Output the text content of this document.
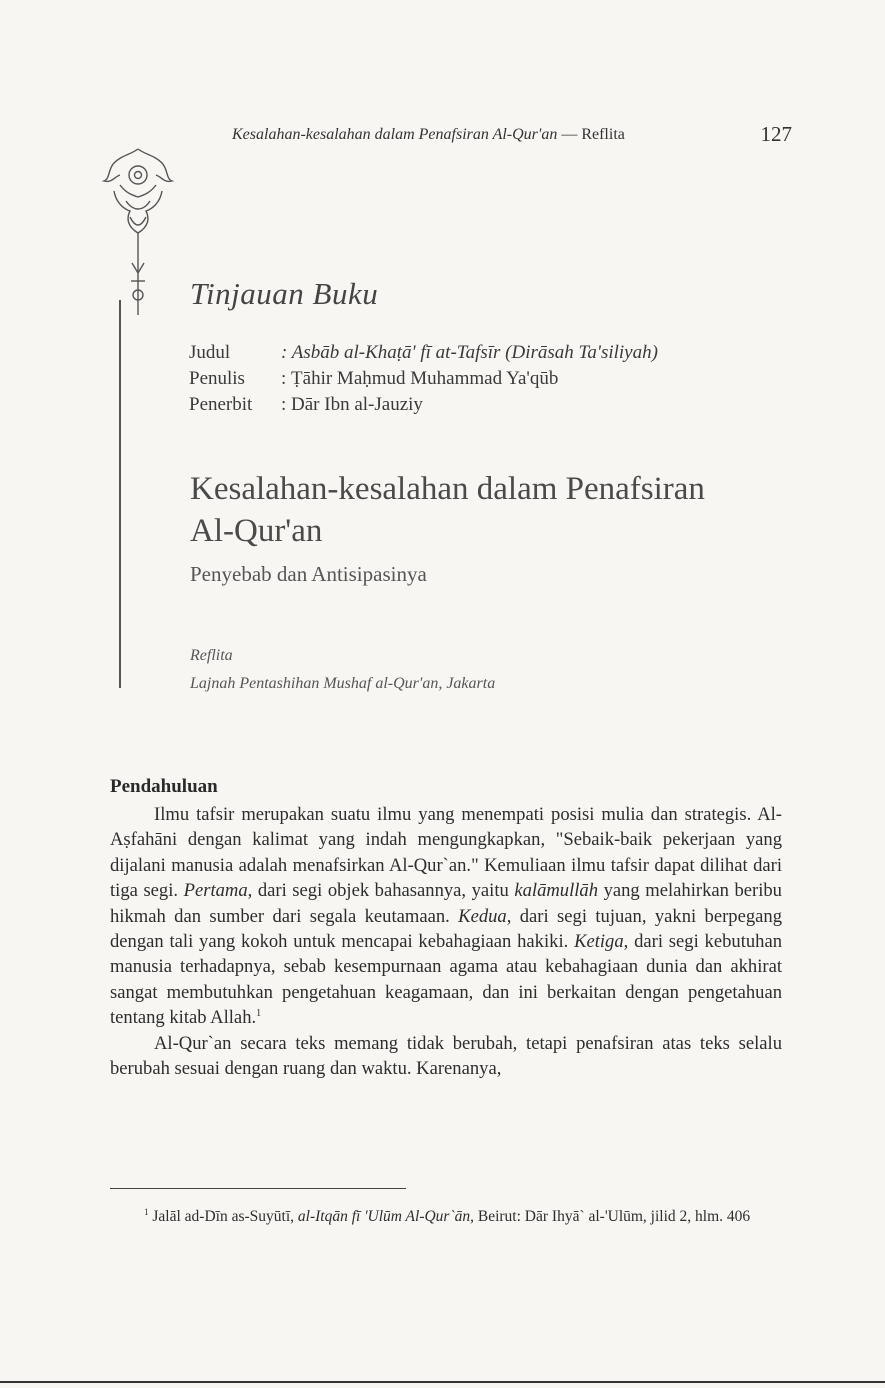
Kesalahan-kesalahan dalam Penafsiran Al-Qur'an — Reflita	127
Tinjauan Buku
Judul	: Asbāb al-Khaṭā' fī at-Tafsīr (Dirāsah Ta'siliyah)
Penulis : Ṭāhir Maḥmud Muhammad Ya'qūb
Penerbit : Dār Ibn al-Jauziy
Kesalahan-kesalahan dalam Penafsiran
Al-Qur'an
Penyebab dan Antisipasinya
Reflita
Lajnah Pentashihan Mushaf al-Qur'an, Jakarta
Pendahuluan

Ilmu tafsir merupakan suatu ilmu yang menempati posisi mulia dan strategis. Al-Aṣfahāni dengan kalimat yang indah mengungkapkan, "Sebaik-baik pekerjaan yang dijalani manusia adalah menafsirkan Al-Qur`an." Kemuliaan ilmu tafsir dapat dilihat dari tiga segi. Pertama, dari segi objek bahasannya, yaitu kalāmullāh yang melahirkan beribu hikmah dan sumber dari segala keutamaan. Kedua, dari segi tujuan, yakni berpegang dengan tali yang kokoh untuk mencapai kebahagiaan hakiki. Ketiga, dari segi kebutuhan manusia terhadapnya, sebab kesempurnaan agama atau kebahagiaan dunia dan akhirat sangat membutuhkan pengetahuan keagamaan, dan ini berkaitan dengan pengetahuan tentang kitab Allah.$^1$

Al-Qur`an secara teks memang tidak berubah, tetapi penafsiran atas teks selalu berubah sesuai dengan ruang dan waktu. Karenanya,

$^1$ Jalāl ad-Dīn as-Suyūtī, al-Itqān fī 'Ulūm Al-Qur`ān, Beirut: Dār Ihyā` al-'Ulūm, jilid 2, hlm. 406
